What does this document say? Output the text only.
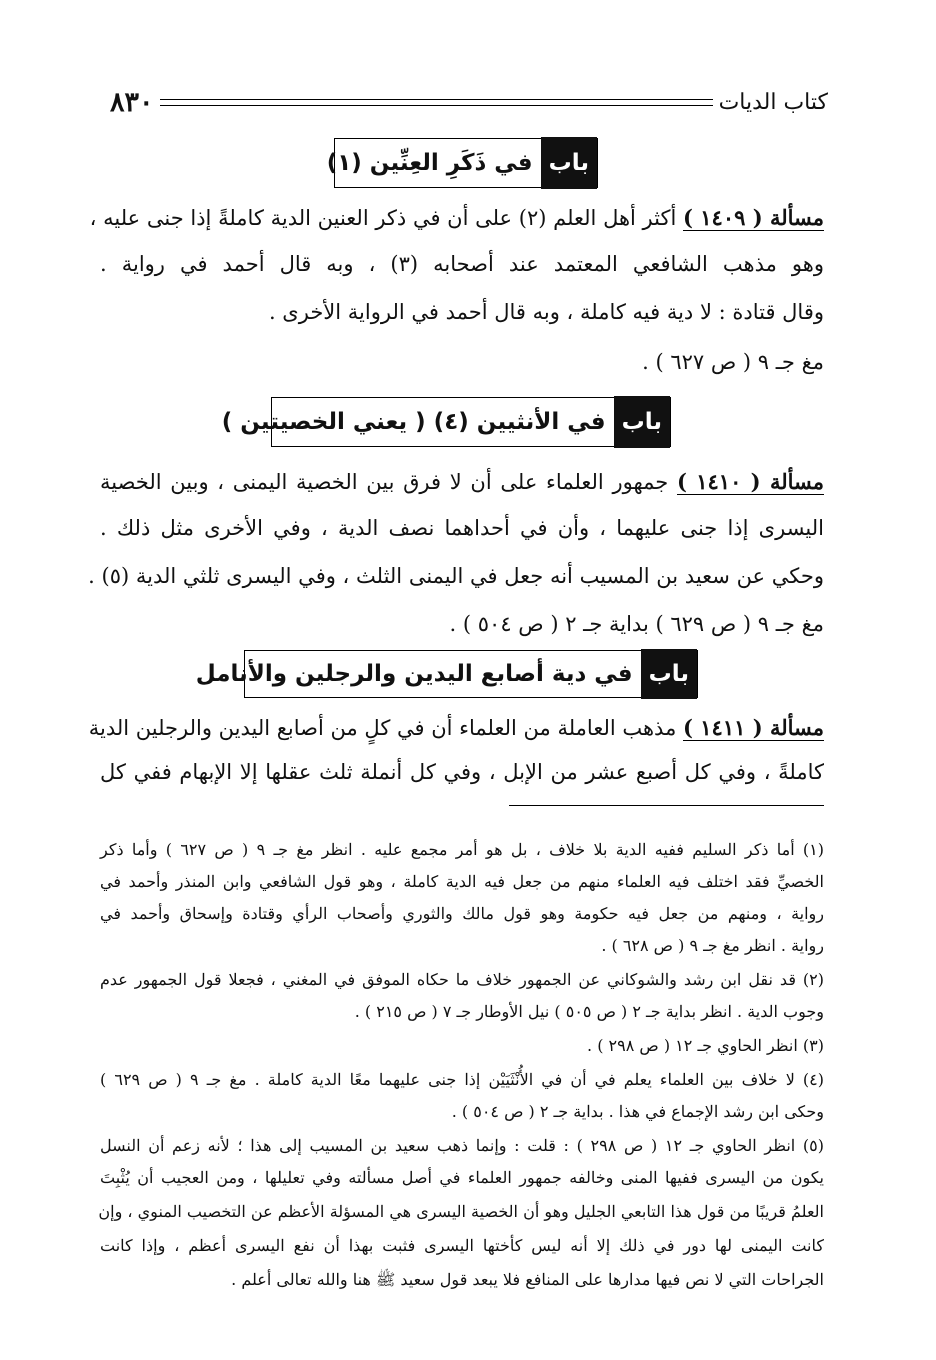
كتاب الديات
٨٣٠
باب
في ذَكَرِ العِنِّين (١)
مسألة ( ١٤٠٩ ) أكثر أهل العلم (٢) على أن في ذكر العنين الدية كاملةً إذا جنى عليه ،
وهو مذهب الشافعي المعتمد عند أصحابه (٣) ، وبه قال أحمد في رواية .
وقال قتادة : لا دية فيه كاملة ، وبه قال أحمد في الرواية الأخرى .
مغ جـ ٩ ( ص ٦٢٧ ) .
باب
في الأنثيين (٤) ( يعني الخصيتين )
مسألة ( ١٤١٠ ) جمهور العلماء على أن لا فرق بين الخصية اليمنى ، وبين الخصية
اليسرى إذا جنى عليهما ، وأن في أحداهما نصف الدية ، وفي الأخرى مثل ذلك .
وحكي عن سعيد بن المسيب أنه جعل في اليمنى الثلث ، وفي اليسرى ثلثي الدية (٥) .
مغ جـ ٩ ( ص ٦٢٩ ) بداية جـ ٢ ( ص ٥٠٤ ) .
باب
في دية أصابع اليدين والرجلين والأنامل
مسألة ( ١٤١١ ) مذهب العاملة من العلماء أن في كلٍ من أصابع اليدين والرجلين الدية
كاملةً ، وفي كل أصبع عشر من الإبل ، وفي كل أنملة ثلث عقلها إلا الإبهام ففي كل
(١) أما ذكر السليم ففيه الدية بلا خلاف ، بل هو أمر مجمع عليه . انظر مغ جـ ٩ ( ص ٦٢٧ ) وأما ذكر
الخصيِّ فقد اختلف فيه العلماء منهم من جعل فيه الدية كاملة ، وهو قول الشافعي وابن المنذر وأحمد في
رواية ، ومنهم من جعل فيه حكومة وهو قول مالك والثوري وأصحاب الرأي وقتادة وإسحاق وأحمد في
رواية . انظر مغ جـ ٩ ( ص ٦٢٨ ) .
(٢) قد نقل ابن رشد والشوكاني عن الجمهور خلاف ما حكاه الموفق في المغني ، فجعلا قول الجمهور عدم
وجوب الدية . انظر بداية جـ ٢ ( ص ٥٠٥ ) نيل الأوطار جـ ٧ ( ص ٢١٥ ) .
(٣) انظر الحاوي جـ ١٢ ( ص ٢٩٨ ) .
(٤) لا خلاف بين العلماء يعلم في أن في الأُنْثَيَيْن إذا جنى عليهما معًا الدية كاملة . مغ جـ ٩ ( ص ٦٢٩ )
وحكى ابن رشد الإجماع في هذا . بداية جـ ٢ ( ص ٥٠٤ ) .
(٥) انظر الحاوي جـ ١٢ ( ص ٢٩٨ ) : قلت : وإنما ذهب سعيد بن المسيب إلى هذا ؛ لأنه زعم أن النسل
يكون من اليسرى ففيها المنى وخالفه جمهور العلماء في أصل مسألته وفي تعليلها ، ومن العجيب أن يُثْبِتَ
العلمُ قريبًا من قول هذا التابعي الجليل وهو أن الخصية اليسرى هي المسؤلة الأعظم عن التخصيب المنوي ، وإن
كانت اليمنى لها دور في ذلك إلا أنه ليس كأختها اليسرى فثبت بهذا أن نفع اليسرى أعظم ، وإذا كانت
الجراحات التي لا نص فيها مدارها على المنافع فلا يبعد قول سعيد ﷺ هنا والله تعالى أعلم .
